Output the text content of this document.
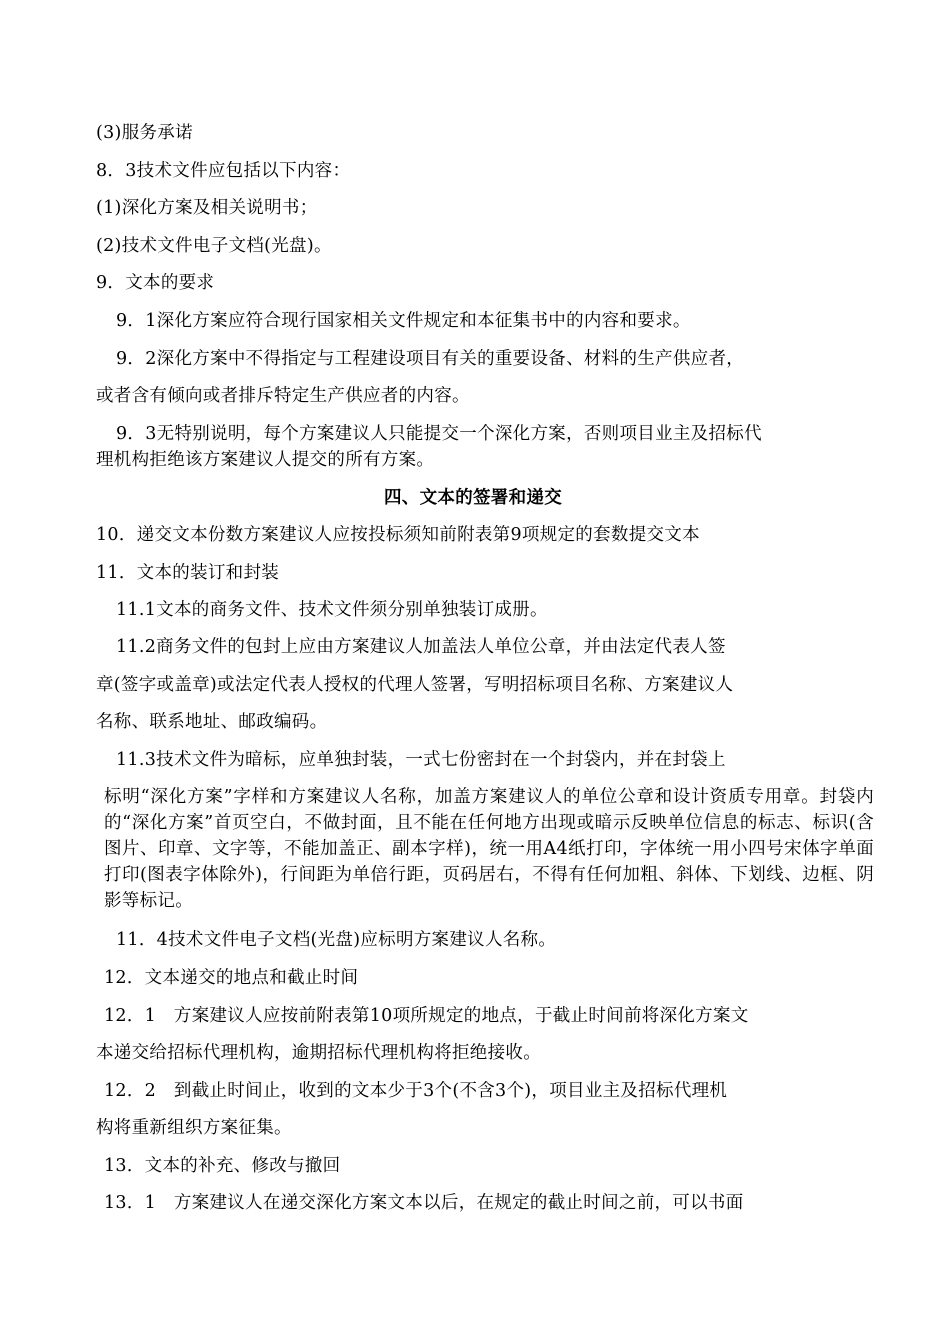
(3)服务承诺
8．3技术文件应包括以下内容：
(1)深化方案及相关说明书；
(2)技术文件电子文档(光盘)。
9．文本的要求
9．1深化方案应符合现行国家相关文件规定和本征集书中的内容和要求。
9．2深化方案中不得指定与工程建设项目有关的重要设备、材料的生产供应者，
或者含有倾向或者排斥特定生产供应者的内容。
9．3无特别说明，每个方案建议人只能提交一个深化方案，否则项目业主及招标代
理机构拒绝该方案建议人提交的所有方案。
四、文本的签署和递交
10．递交文本份数方案建议人应按投标须知前附表第9项规定的套数提交文本
11．文本的装订和封装
11.1文本的商务文件、技术文件须分别单独装订成册。
11.2商务文件的包封上应由方案建议人加盖法人单位公章，并由法定代表人签
章(签字或盖章)或法定代表人授权的代理人签署，写明招标项目名称、方案建议人
名称、联系地址、邮政编码。
11.3技术文件为暗标，应单独封装，一式七份密封在一个封袋内，并在封袋上
标明“深化方案”字样和方案建议人名称，加盖方案建议人的单位公章和设计资质专用章。封袋内的“深化方案”首页空白，不做封面，且不能在任何地方出现或暗示反映单位信息的标志、标识(含图片、印章、文字等，不能加盖正、副本字样)，统一用A4纸打印，字体统一用小四号宋体字单面打印(图表字体除外)，行间距为单倍行距，页码居右，不得有任何加粗、斜体、下划线、边框、阴影等标记。
11．4技术文件电子文档(光盘)应标明方案建议人名称。
12．文本递交的地点和截止时间
12．1　方案建议人应按前附表第10项所规定的地点，于截止时间前将深化方案文
本递交给招标代理机构，逾期招标代理机构将拒绝接收。
12．2　到截止时间止，收到的文本少于3个(不含3个)，项目业主及招标代理机
构将重新组织方案征集。
13．文本的补充、修改与撤回
13．1　方案建议人在递交深化方案文本以后，在规定的截止时间之前，可以书面
